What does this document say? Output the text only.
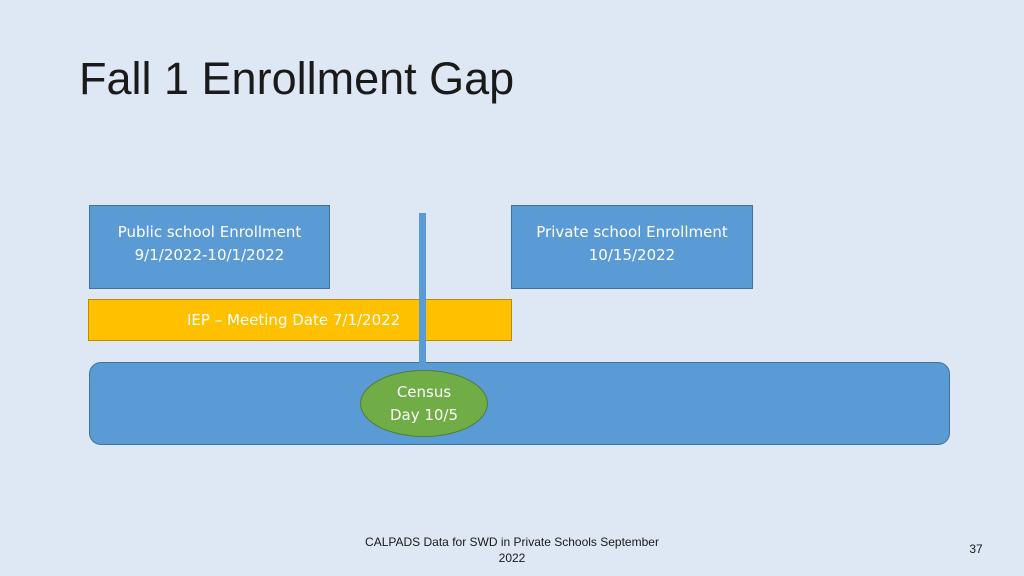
Fall 1 Enrollment Gap
Public school Enrollment
9/1/2022-10/1/2022
Private school Enrollment
10/15/2022
IEP – Meeting Date 7/1/2022
Census
Day 10/5
CALPADS Data for SWD in Private Schools September
2022
37
